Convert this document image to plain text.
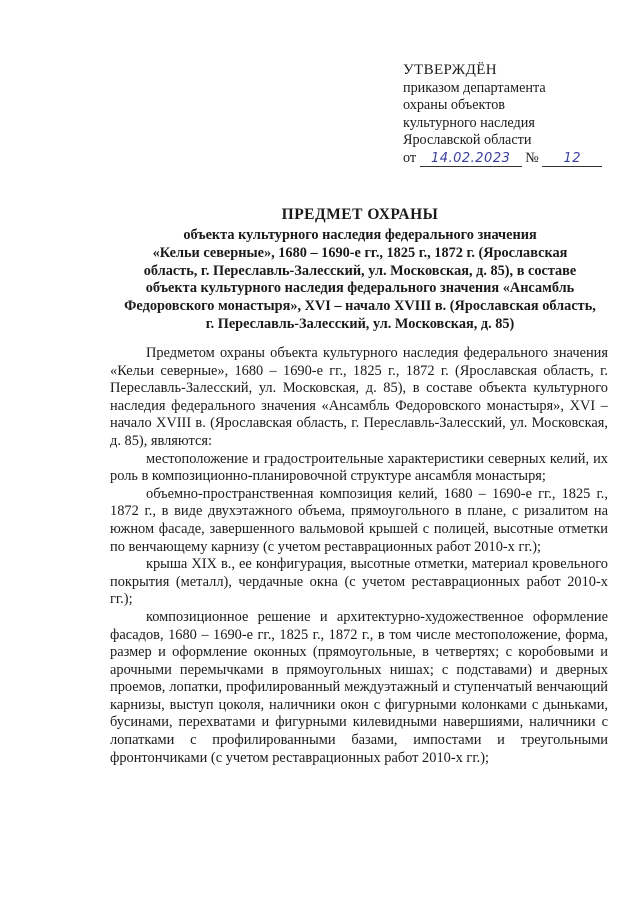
УТВЕРЖДЁН
приказом департамента
охраны объектов
культурного наследия
Ярославской области
от 14.02.2023 № 12
ПРЕДМЕТ ОХРАНЫ
объекта культурного наследия федерального значения
«Кельи северные», 1680 – 1690-е гг., 1825 г., 1872 г. (Ярославская
область, г. Переславль-Залесский, ул. Московская, д. 85), в составе
объекта культурного наследия федерального значения «Ансамбль
Федоровского монастыря», XVI – начало XVIII в. (Ярославская область,
г. Переславль-Залесский, ул. Московская, д. 85)

Предметом охраны объекта культурного наследия федерального значения «Кельи северные», 1680 – 1690-е гг., 1825 г., 1872 г. (Ярославская область, г. Переславль-Залесский, ул. Московская, д. 85), в составе объекта культурного наследия федерального значения «Ансамбль Федоровского монастыря», XVI – начало XVIII в. (Ярославская область, г. Переславль-Залесский, ул. Московская, д. 85), являются:

местоположение и градостроительные характеристики северных келий, их роль в композиционно-планировочной структуре ансамбля монастыря;

объемно-пространственная композиция келий, 1680 – 1690-е гг., 1825 г., 1872 г., в виде двухэтажного объема, прямоугольного в плане, с ризалитом на южном фасаде, завершенного вальмовой крышей с полицей, высотные отметки по венчающему карнизу (с учетом реставрационных работ 2010-х гг.);

крыша XIX в., ее конфигурация, высотные отметки, материал кровельного покрытия (металл), чердачные окна (с учетом реставрационных работ 2010-х гг.);

композиционное решение и архитектурно-художественное оформление фасадов, 1680 – 1690-е гг., 1825 г., 1872 г., в том числе местоположение, форма, размер и оформление оконных (прямоугольные, в четвертях; с коробовыми и арочными перемычками в прямоугольных нишах; с подставами) и дверных проемов, лопатки, профилированный междуэтажный и ступенчатый венчающий карнизы, выступ цоколя, наличники окон с фигурными колонками с дыньками, бусинами, перехватами и фигурными килевидными навершиями, наличники с лопатками с профилированными базами, импостами и треугольными фронтончиками (с учетом реставрационных работ 2010-х гг.);
